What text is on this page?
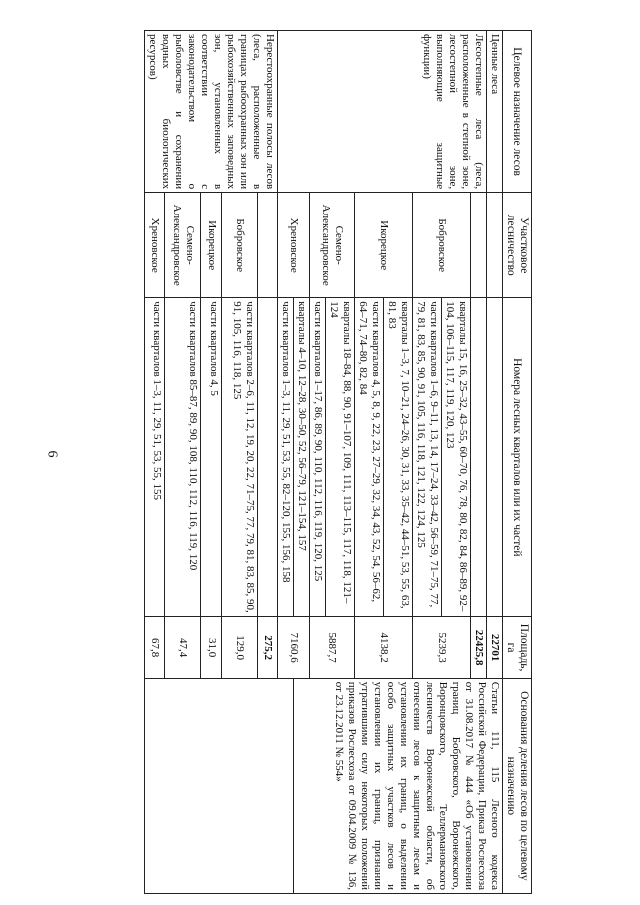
6
Целевое назначение лесов	Участковое лесничество	Номера лесных кварталов или их частей	Площадь, га	Основания деления лесов по целевому назначению
Ценные леса			22701	Статьи 111, 115 Лесного кодекса Российской Федерации, Приказ Рослесхоза от 31.08.2017 № 444 «Об установлении границ Бобровского, Воронежского, Воронцовского, Теллермановского лесничеств Воронежской области, об отнесении лесов к защитным лесам и установлении их границ, о выделении особо защитных участков лесов и установлении их границ, признании утратившими силу некоторых положений приказов Рослесхоза от 09.04.2009 № 136, от 23.12.2011 № 554»
Лесостепные леса (леса, расположенные в степной зоне, лесостепной зоне, выполняющие защитные функции)			22425,8	
	Бобровское	кварталы 15, 16, 25–32, 43–55, 60–70, 76, 78, 80, 82, 84, 86–89, 92–104, 106–115, 117, 119, 120, 123	5239,3	
		части кварталов 1–6, 9–11, 13, 14, 17–24, 33–42, 56–59, 71–75, 77, 79, 81, 83, 85, 90, 91, 105, 116, 118, 121, 122, 124, 125		
	Икорецкое	кварталы 1–3, 7, 10–21, 24–26, 30, 31, 33, 35–42, 44–51, 53, 55, 63, 81, 83	4138,2	
		части кварталов 4, 5, 8, 9, 22, 23, 27–29, 32, 34, 43, 52, 54, 56–62, 64–71, 74–80, 82, 84		
	Семено-Александровское	кварталы 18–84, 88, 90, 91–107, 109, 111, 113–115, 117, 118, 121–124	5887,7	
		части кварталов 1–17, 86, 89, 90, 110, 112, 116, 119, 120, 125		
	Хреновское	кварталы 4–10, 12–28, 30–50, 52, 56–79, 121–154, 157	7160,6	
		части кварталов 1–3, 11, 29, 51, 53, 55, 82–120, 155, 156, 158		
Нерестоохранные полосы лесов (леса, расположенные в границах рыбоохранных зон или рыбохозяйственных заповедных зон, установленных в соответствии с законодательством о рыболовстве и сохранении водных биологических ресурсов)			275,2	
	Бобровское	части кварталов 2–6, 11, 12, 19, 20, 22, 71–75, 77, 79, 81, 83, 85, 90, 91, 105, 116, 118, 125	129,0	
	Икорецкое	части кварталов 4, 5	31,0	
	Семено-Александровское	части кварталов 85–87, 89, 90, 108, 110, 112, 116, 119, 120	47,4	
	Хреновское	части кварталов 1–3, 11, 29, 51, 53, 55, 155	67,8	
